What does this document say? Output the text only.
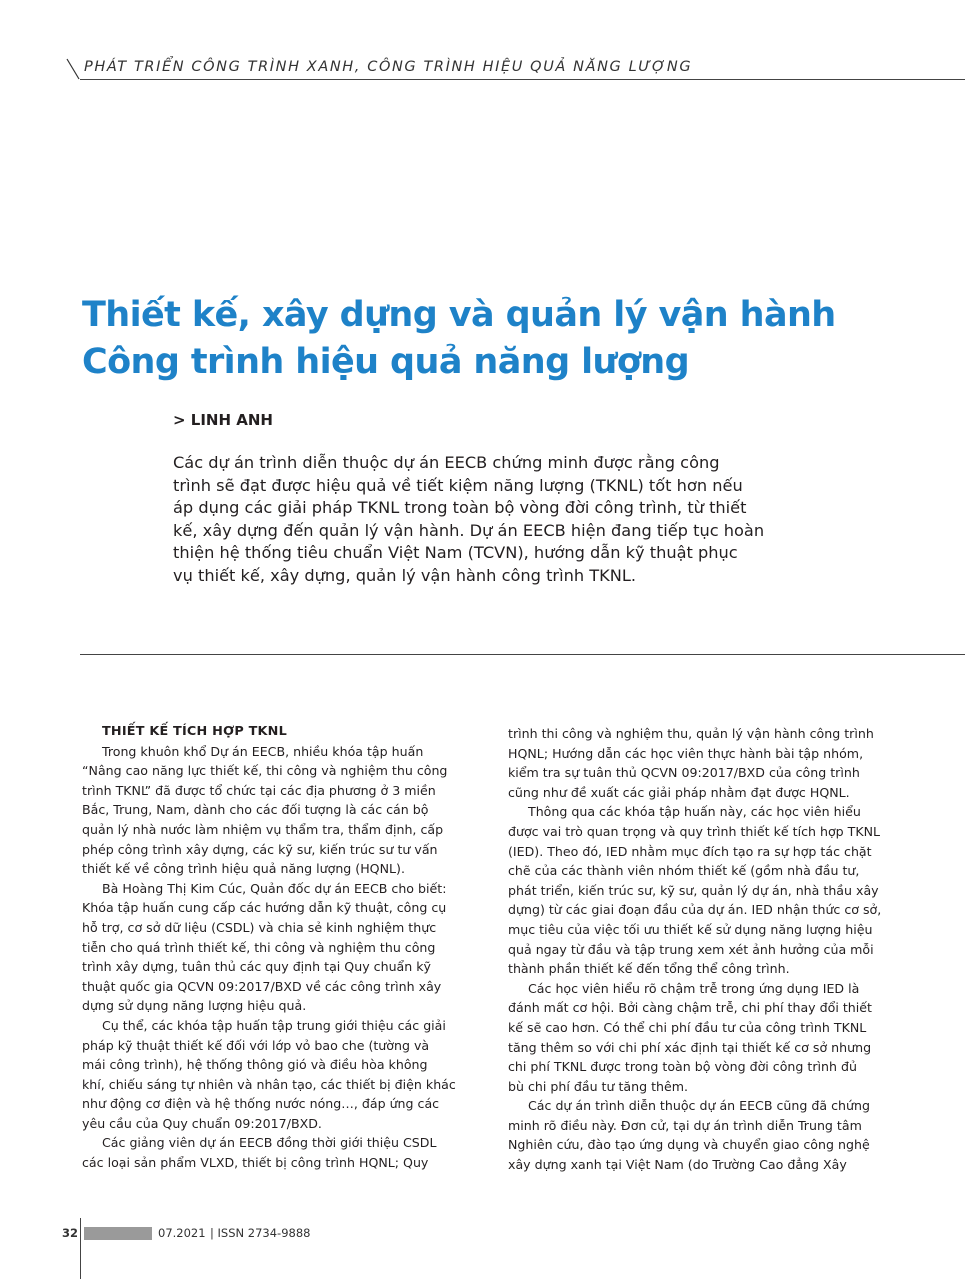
PHÁT TRIỂN CÔNG TRÌNH XANH, CÔNG TRÌNH HIỆU QUẢ NĂNG LƯỢNG
Thiết kế, xây dựng và quản lý vận hành
Công trình hiệu quả năng lượng
> LINH ANH
Các dự án trình diễn thuộc dự án EECB chứng minh được rằng công
trình sẽ đạt được hiệu quả về tiết kiệm năng lượng (TKNL) tốt hơn nếu
áp dụng các giải pháp TKNL trong toàn bộ vòng đời công trình, từ thiết
kế, xây dựng đến quản lý vận hành. Dự án EECB hiện đang tiếp tục hoàn
thiện hệ thống tiêu chuẩn Việt Nam (TCVN), hướng dẫn kỹ thuật phục
vụ thiết kế, xây dựng, quản lý vận hành công trình TKNL.
THIẾT KẾ TÍCH HỢP TKNL
Trong khuôn khổ Dự án EECB, nhiều khóa tập huấn
“Nâng cao năng lực thiết kế, thi công và nghiệm thu công
trình TKNL” đã được tổ chức tại các địa phương ở 3 miền
Bắc, Trung, Nam, dành cho các đối tượng là các cán bộ
quản lý nhà nước làm nhiệm vụ thẩm tra, thẩm định, cấp
phép công trình xây dựng, các kỹ sư, kiến trúc sư tư vấn
thiết kế về công trình hiệu quả năng lượng (HQNL).
Bà Hoàng Thị Kim Cúc, Quản đốc dự án EECB cho biết:
Khóa tập huấn cung cấp các hướng dẫn kỹ thuật, công cụ
hỗ trợ, cơ sở dữ liệu (CSDL) và chia sẻ kinh nghiệm thực
tiễn cho quá trình thiết kế, thi công và nghiệm thu công
trình xây dựng, tuân thủ các quy định tại Quy chuẩn kỹ
thuật quốc gia QCVN 09:2017/BXD về các công trình xây
dựng sử dụng năng lượng hiệu quả.
Cụ thể, các khóa tập huấn tập trung giới thiệu các giải
pháp kỹ thuật thiết kế đối với lớp vỏ bao che (tường và
mái công trình), hệ thống thông gió và điều hòa không
khí, chiếu sáng tự nhiên và nhân tạo, các thiết bị điện khác
như động cơ điện và hệ thống nước nóng…, đáp ứng các
yêu cầu của Quy chuẩn 09:2017/BXD.
Các giảng viên dự án EECB đồng thời giới thiệu CSDL
các loại sản phẩm VLXD, thiết bị công trình HQNL; Quy
trình thi công và nghiệm thu, quản lý vận hành công trình
HQNL; Hướng dẫn các học viên thực hành bài tập nhóm,
kiểm tra sự tuân thủ QCVN 09:2017/BXD của công trình
cũng như đề xuất các giải pháp nhằm đạt được HQNL.
Thông qua các khóa tập huấn này, các học viên hiểu
được vai trò quan trọng và quy trình thiết kế tích hợp TKNL
(IED). Theo đó, IED nhằm mục đích tạo ra sự hợp tác chặt
chẽ của các thành viên nhóm thiết kế (gồm nhà đầu tư,
phát triển, kiến trúc sư, kỹ sư, quản lý dự án, nhà thầu xây
dựng) từ các giai đoạn đầu của dự án. IED nhận thức cơ sở,
mục tiêu của việc tối ưu thiết kế sử dụng năng lượng hiệu
quả ngay từ đầu và tập trung xem xét ảnh hưởng của mỗi
thành phần thiết kế đến tổng thể công trình.
Các học viên hiểu rõ chậm trễ trong ứng dụng IED là
đánh mất cơ hội. Bởi càng chậm trễ, chi phí thay đổi thiết
kế sẽ cao hơn. Có thể chi phí đầu tư của công trình TKNL
tăng thêm so với chi phí xác định tại thiết kế cơ sở nhưng
chi phí TKNL được trong toàn bộ vòng đời công trình đủ
bù chi phí đầu tư tăng thêm.
Các dự án trình diễn thuộc dự án EECB cũng đã chứng
minh rõ điều này. Đơn cử, tại dự án trình diễn Trung tâm
Nghiên cứu, đào tạo ứng dụng và chuyển giao công nghệ
xây dựng xanh tại Việt Nam (do Trường Cao đẳng Xây
32	07.2021 | ISSN 2734-9888
